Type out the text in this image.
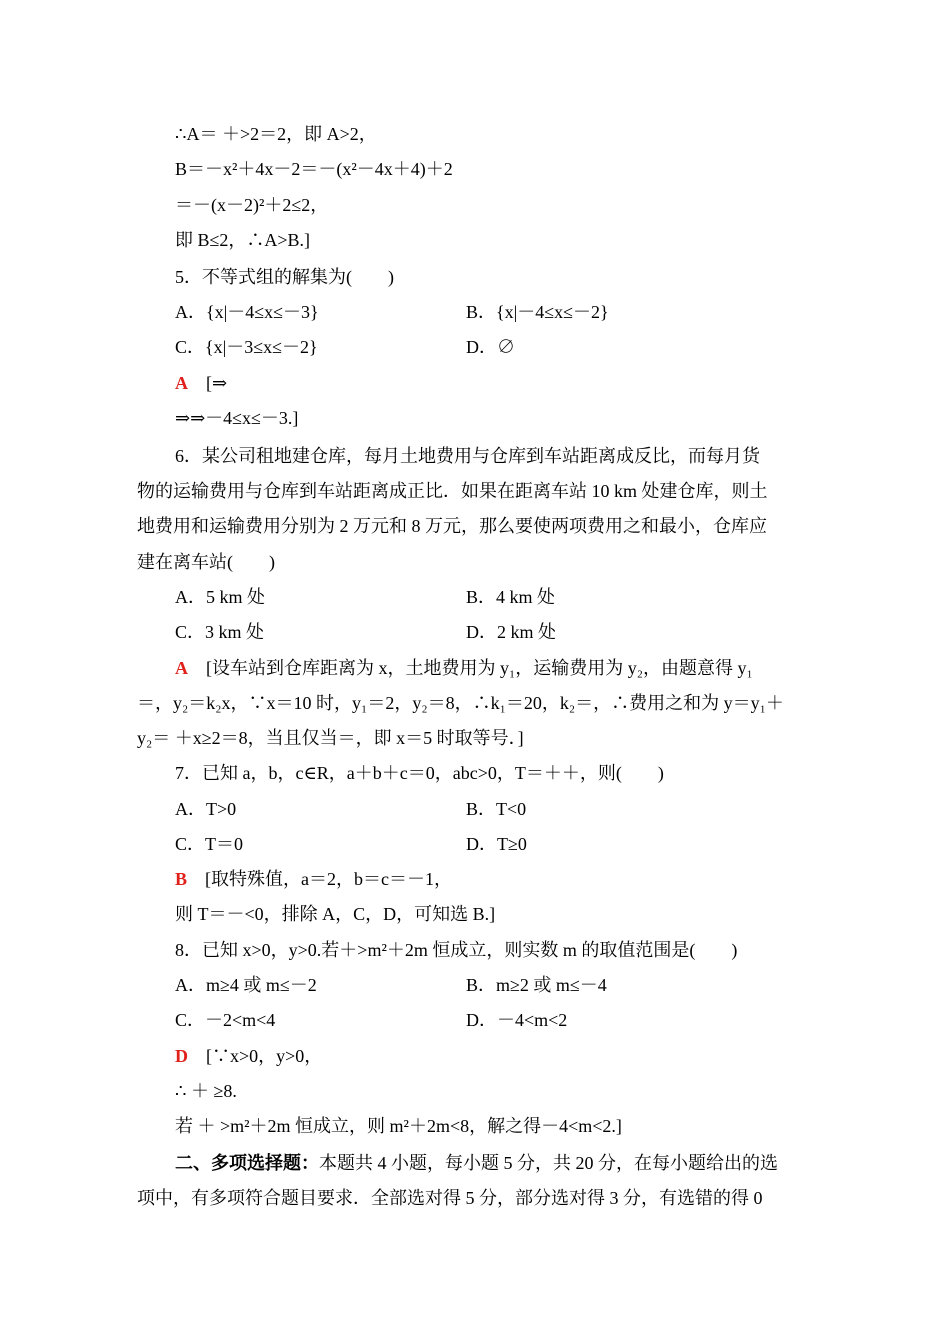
∴A＝ ＋>2＝2，即 A>2，
B＝－x²＋4x－2＝－(x²－4x＋4)＋2
＝－(x－2)²＋2≤2，
即 B≤2，∴A>B.]
5．不等式组的解集为(　　)
A．{x|－4≤x≤－3}	B．{x|－4≤x≤－2}
C．{x|－3≤x≤－2}	D．∅
A　[⇒
⇒⇒－4≤x≤－3.]
6．某公司租地建仓库，每月土地费用与仓库到车站距离成反比，而每月货
物的运输费用与仓库到车站距离成正比．如果在距离车站 10 km 处建仓库，则土
地费用和运输费用分别为 2 万元和 8 万元，那么要使两项费用之和最小，仓库应
建在离车站(　　)
A．5 km 处	B．4 km 处
C．3 km 处	D．2 km 处
A　[设车站到仓库距离为 x，土地费用为 y₁，运输费用为 y₂，由题意得 y₁
＝，y₂＝k₂x，∵x＝10 时，y₁＝2，y₂＝8，∴k₁＝20，k₂＝，∴费用之和为 y＝y₁＋
y₂＝ ＋x≥2＝8，当且仅当＝，即 x＝5 时取等号．]
7．已知 a，b，c∈R，a＋b＋c＝0，abc>0，T＝＋＋，则(　　)
A．T>0	B．T<0
C．T＝0	D．T≥0
B　[取特殊值，a＝2，b＝c＝－1，
则 T＝－<0，排除 A，C，D，可知选 B.]
8．已知 x>0，y>0.若＋>m²＋2m 恒成立，则实数 m 的取值范围是(　　)
A．m≥4 或 m≤－2	B．m≥2 或 m≤－4
C．－2<m<4	D．－4<m<2
D　[∵x>0，y>0，
∴ ＋ ≥8.
若 ＋ >m²＋2m 恒成立，则 m²＋2m<8，解之得－4<m<2.]
二、多项选择题：本题共 4 小题，每小题 5 分，共 20 分，在每小题给出的选
项中，有多项符合题目要求．全部选对得 5 分，部分选对得 3 分，有选错的得 0
